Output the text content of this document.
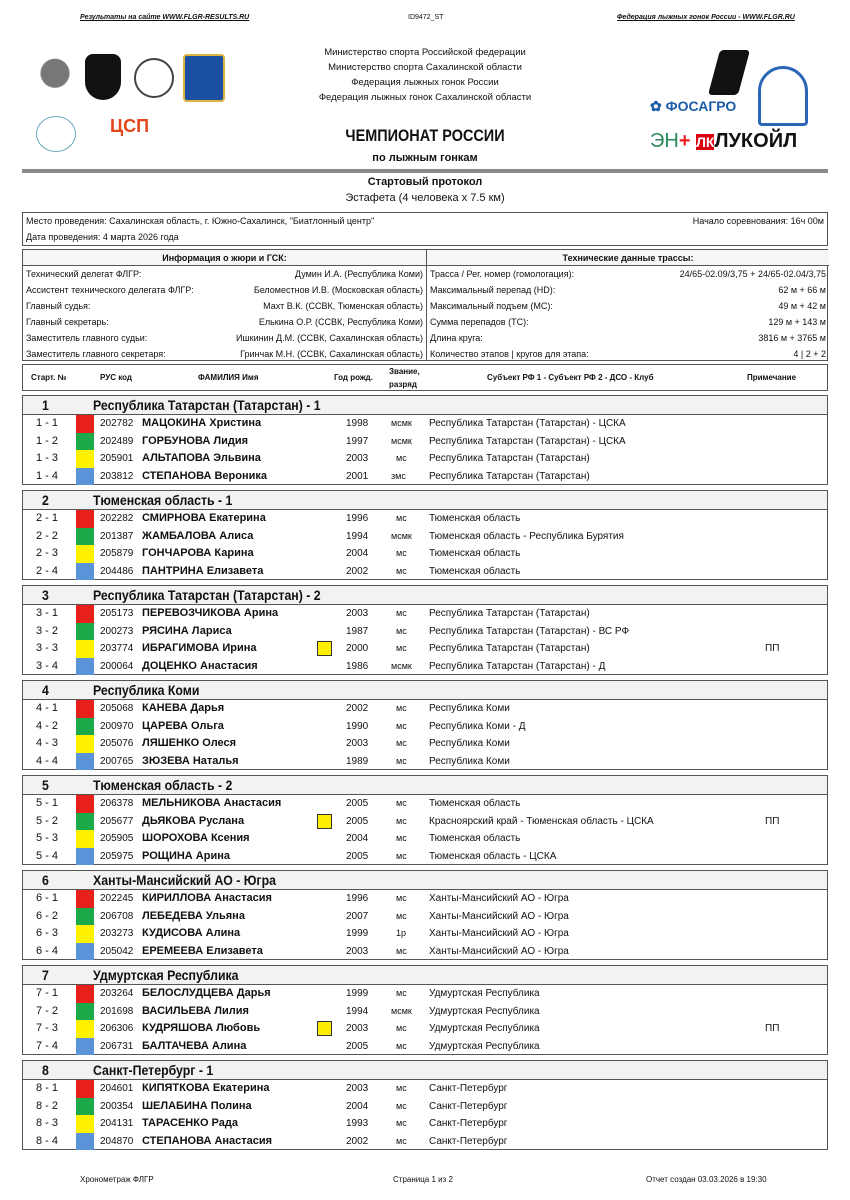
Результаты на сайте WWW.FLGR-RESULTS.RU	ID9472_ST	Федерация лыжных гонок России - WWW.FLGR.RU
ЦСП
✿ ФОСАГРО
ЭН+ ЛКЛУКОЙЛ
Министерство спорта Российской федерации
Министерство спорта Сахалинской области
Федерация лыжных гонок России
Федерация лыжных гонок Сахалинской области
ЧЕМПИОНАТ РОССИИ
по лыжным гонкам
Стартовый протокол
Эстафета (4 человека х 7.5 км)
Место проведения: Сахалинская область, г. Южно-Сахалинск, "Биатлонный центр"	Начало соревнования: 16ч 00м
Дата проведения: 4 марта 2026 года
Информация о жюри и ГСК:
Технический делегат ФЛГР:	Думин И.А. (Республика Коми)
Ассистент технического делегата ФЛГР:	Беломестнов И.В. (Московская область)
Главный судья:	Махт В.К. (ССВК, Тюменская область)
Главный секретарь:	Елькина О.Р. (ССВК, Республика Коми)
Заместитель главного судьи:	Ишкинин Д.М. (ССВК, Сахалинская область)
Заместитель главного секретаря:	Гринчак М.Н. (ССВК, Сахалинская область)
Технические данные трассы:
Трасса / Рег. номер (гомологация):	24/65-02.09/3,75 + 24/65-02.04/3,75
Максимальный перепад (HD):	62 м + 66 м
Максимальный подъем (MC):	49 м + 42 м
Сумма перепадов (TC):	129 м + 143 м
Длина круга:	3816 м + 3765 м
Количество этапов | кругов для этапа:	4 | 2 + 2
Старт. №	РУС код	ФАМИЛИЯ Имя	Год рожд.
Звание,
разряд
Субъект РФ 1 - Субъект РФ 2 - ДСО - Клуб	Примечание
1	Республика Татарстан (Татарстан) - 1
1 - 1	202782 МАЦОКИНА Христина	1998	мсмк Республика Татарстан (Татарстан) - ЦСКА
1 - 2	202489 ГОРБУНОВА Лидия	1997	мсмк Республика Татарстан (Татарстан) - ЦСКА
1 - 3	205901 АЛЬТАПОВА Эльвина	2003	мс Республика Татарстан (Татарстан)
1 - 4	203812 СТЕПАНОВА Вероника	2001	змс Республика Татарстан (Татарстан)
2	Тюменская область - 1
2 - 1	202282 СМИРНОВА Екатерина	1996	мс Тюменская область
2 - 2	201387 ЖАМБАЛОВА Алиса	1994	мсмк Тюменская область - Республика Бурятия
2 - 3	205879 ГОНЧАРОВА Карина	2004	мс Тюменская область
2 - 4	204486 ПАНТРИНА Елизавета	2002	мс Тюменская область
3	Республика Татарстан (Татарстан) - 2
3 - 1	205173 ПЕРЕВОЗЧИКОВА Арина	2003	мс Республика Татарстан (Татарстан)
3 - 2	200273 РЯСИНА Лариса	1987	мс Республика Татарстан (Татарстан) - ВС РФ
3 - 3	203774 ИБРАГИМОВА Ирина	2000	мс Республика Татарстан (Татарстан)	ПП
3 - 4	200064 ДОЦЕНКО Анастасия	1986	мсмк Республика Татарстан (Татарстан) - Д
4	Республика Коми
4 - 1	205068 КАНЕВА Дарья	2002	мс Республика Коми
4 - 2	200970 ЦАРЕВА Ольга	1990	мс Республика Коми - Д
4 - 3	205076 ЛЯШЕНКО Олеся	2003	мс Республика Коми
4 - 4	200765 ЗЮЗЕВА Наталья	1989	мс Республика Коми
5	Тюменская область - 2
5 - 1	206378 МЕЛЬНИКОВА Анастасия	2005	мс Тюменская область
5 - 2	205677 ДЬЯКОВА Руслана	2005	мс Красноярский край - Тюменская область - ЦСКА	ПП
5 - 3	205905 ШОРОХОВА Ксения	2004	мс Тюменская область
5 - 4	205975 РОЩИНА Арина	2005	мс Тюменская область - ЦСКА
6	Ханты-Мансийский АО - Югра
6 - 1	202245 КИРИЛЛОВА Анастасия	1996	мс Ханты-Мансийский АО - Югра
6 - 2	206708 ЛЕБЕДЕВА Ульяна	2007	мс Ханты-Мансийский АО - Югра
6 - 3	203273 КУДИСОВА Алина	1999	1р Ханты-Мансийский АО - Югра
6 - 4	205042 ЕРЕМЕЕВА Елизавета	2003	мс Ханты-Мансийский АО - Югра
7	Удмуртская Республика
7 - 1	203264 БЕЛОСЛУДЦЕВА Дарья	1999	мс Удмуртская Республика
7 - 2	201698 ВАСИЛЬЕВА Лилия	1994	мсмк Удмуртская Республика
7 - 3	206306 КУДРЯШОВА Любовь	2003	мс Удмуртская Республика	ПП
7 - 4	206731 БАЛТАЧЕВА Алина	2005	мс Удмуртская Республика
8	Санкт-Петербург - 1
8 - 1	204601 КИПЯТКОВА Екатерина	2003	мс Санкт-Петербург
8 - 2	200354 ШЕЛАБИНА Полина	2004	мс Санкт-Петербург
8 - 3	204131 ТАРАСЕНКО Рада	1993	мс Санкт-Петербург
8 - 4	204870 СТЕПАНОВА Анастасия	2002	мс Санкт-Петербург
Хронометраж ФЛГР	Страница 1 из 2	Отчет создан 03.03.2026 в 19:30
